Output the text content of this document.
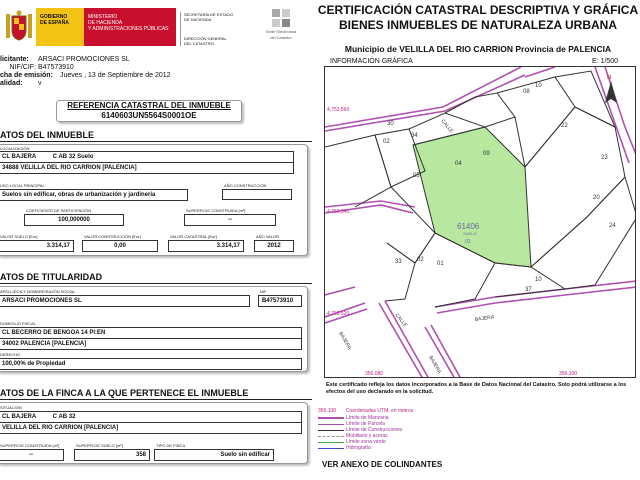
GOBIERNO
DE ESPAÑA
MINISTERIO
DE HACIENDA
Y ADMINISTRACIONES PÚBLICAS
SECRETARÍA DE ESTADO
DE HACIENDA
DIRECCIÓN GENERAL
DEL CATASTRO
Sede Electrónica
del Catastro
licitante:	ARSACI PROMOCIONES SL
NIF/CIF: B47573910
cha de emisión:	Jueves , 13 de Septiembre de 2012
alidad:	v
REFERENCIA CATASTRAL DEL INMUEBLE
6140603UN5564S0001OE
ATOS DEL INMUEBLE
LOCALIZACIÓN
CL BAJERA          C AB 32 Suelo
34888 VELILLA DEL RIO CARRION [PALENCIA]
USO LOCAL PRINCIPAL
Suelos sin edificar, obras de urbanización y jardinería
AÑO CONSTRUCCIÓN
COEFICIENTE DE PARTICIPACIÓN
100,000000
SUPERFICIE CONSTRUIDA [m²]
--
VALOR SUELO [Eur]
3.314,17
VALOR CONSTRUCCIÓN [Eur]
0,00
VALOR CATASTRAL [Eur]
3.314,17
AÑO VALOR
2012
ATOS DE TITULARIDAD
APELLIDOS Y NOMBRE/RAZÓN SOCIAL
ARSACI PROMOCIONES SL
NIF
B47573910
DOMICILIO FISCAL
CL BECERRO DE BENGOA 14 Pl:EN
34002 PALENCIA [PALENCIA]
DERECHO
100,00% de Propiedad
ATOS DE LA FINCA A LA QUE PERTENECE EL INMUEBLE
SITUACIÓN
CL BAJERA          C AB 32
VELILLA DEL RIO CARRION [PALENCIA]
SUPERFICIE CONSTRUIDA [m²]
--
SUPERFICIE SUELO [m²]
358
TIPO DE FINCA
Suelo sin edificar
CERTIFICACIÓN CATASTRAL DESCRIPTIVA Y GRÁFICA
BIENES INMUEBLES DE NATURALEZA URBANA
Municipio de VELILLA DEL RIO CARRION Provincia de PALENCIA
INFORMACIÓN GRÁFICA	E: 1/500
04
09
10
05
02
01
02
33
30
23
37
24
34
08
10
20
22
61406
SUELO
03
CALLE
CALLE
BAJERA
BAJERA
BAJERA
4,753,560
4,753,540
4,753,520
356,080	356,100
N
Este certificado refleja los datos incorporados a la Base de Datos Nacional del Catastro. Solo podrá utilizarse a los efectos del uso declarado en la solicitud.
356,100	Coordenadas UTM, en metros
Límite de Manzana
Límite de Parcela
Límite de Construcciones
Mobiliario y aceras
Límite zona verde
Hidrografía
VER ANEXO DE COLINDANTES
